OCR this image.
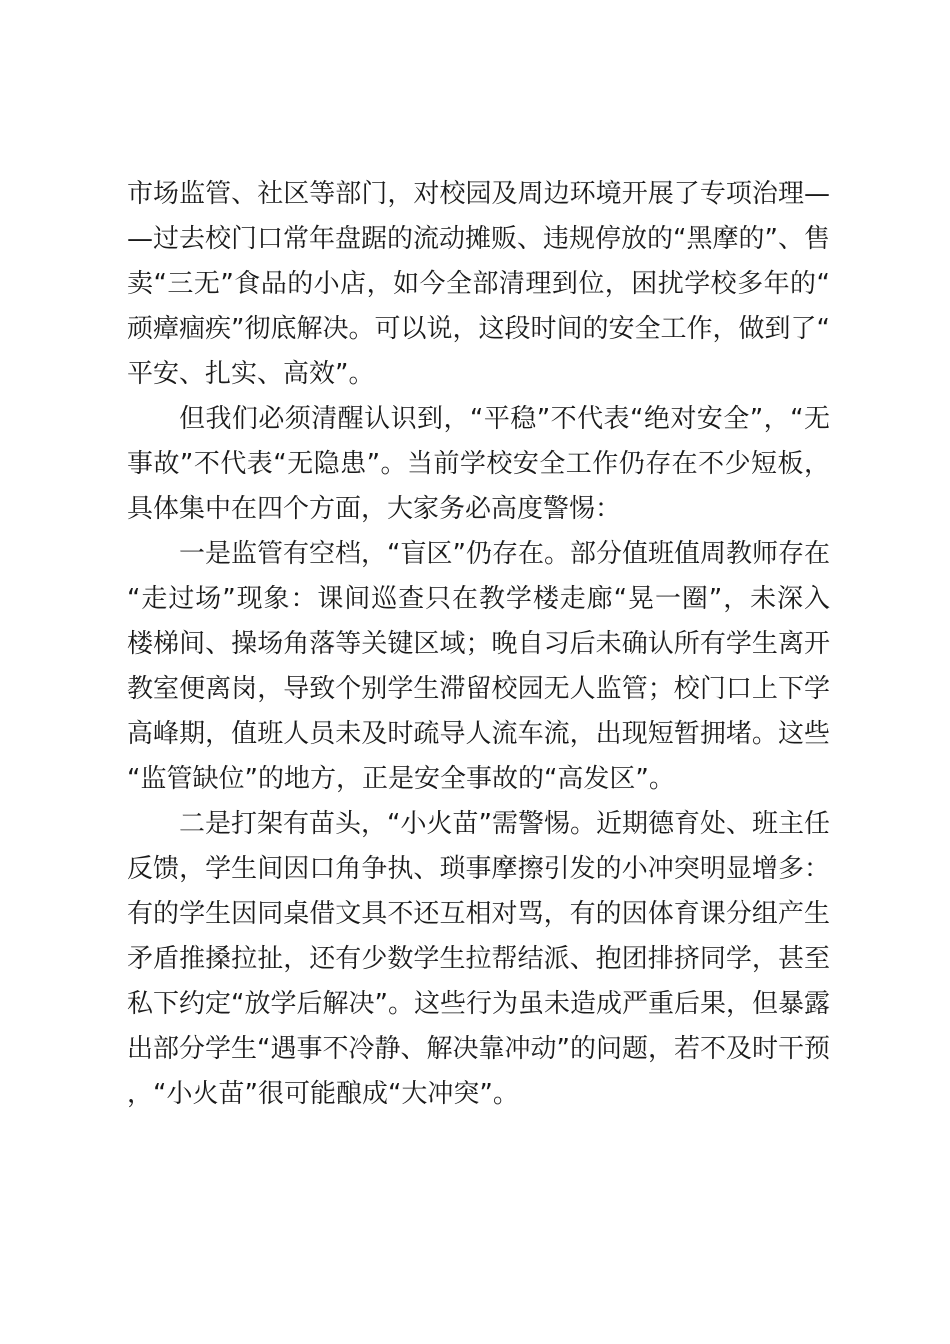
市场监管、社区等部门，对校园及周边环境开展了专项治理——过去校门口常年盘踞的流动摊贩、违规停放的“黑摩的”、售卖“三无”食品的小店，如今全部清理到位，困扰学校多年的“顽瘴痼疾”彻底解决。可以说，这段时间的安全工作，做到了“平安、扎实、高效”。

但我们必须清醒认识到，“平稳”不代表“绝对安全”，“无事故”不代表“无隐患”。当前学校安全工作仍存在不少短板，具体集中在四个方面，大家务必高度警惕：

一是监管有空档，“盲区”仍存在。部分值班值周教师存在“走过场”现象：课间巡查只在教学楼走廊“晃一圈”，未深入楼梯间、操场角落等关键区域；晚自习后未确认所有学生离开教室便离岗，导致个别学生滞留校园无人监管；校门口上下学高峰期，值班人员未及时疏导人流车流，出现短暂拥堵。这些“监管缺位”的地方，正是安全事故的“高发区”。

二是打架有苗头，“小火苗”需警惕。近期德育处、班主任反馈，学生间因口角争执、琐事摩擦引发的小冲突明显增多：有的学生因同桌借文具不还互相对骂，有的因体育课分组产生矛盾推搡拉扯，还有少数学生拉帮结派、抱团排挤同学，甚至私下约定“放学后解决”。这些行为虽未造成严重后果，但暴露出部分学生“遇事不冷静、解决靠冲动”的问题，若不及时干预，“小火苗”很可能酿成“大冲突”。
